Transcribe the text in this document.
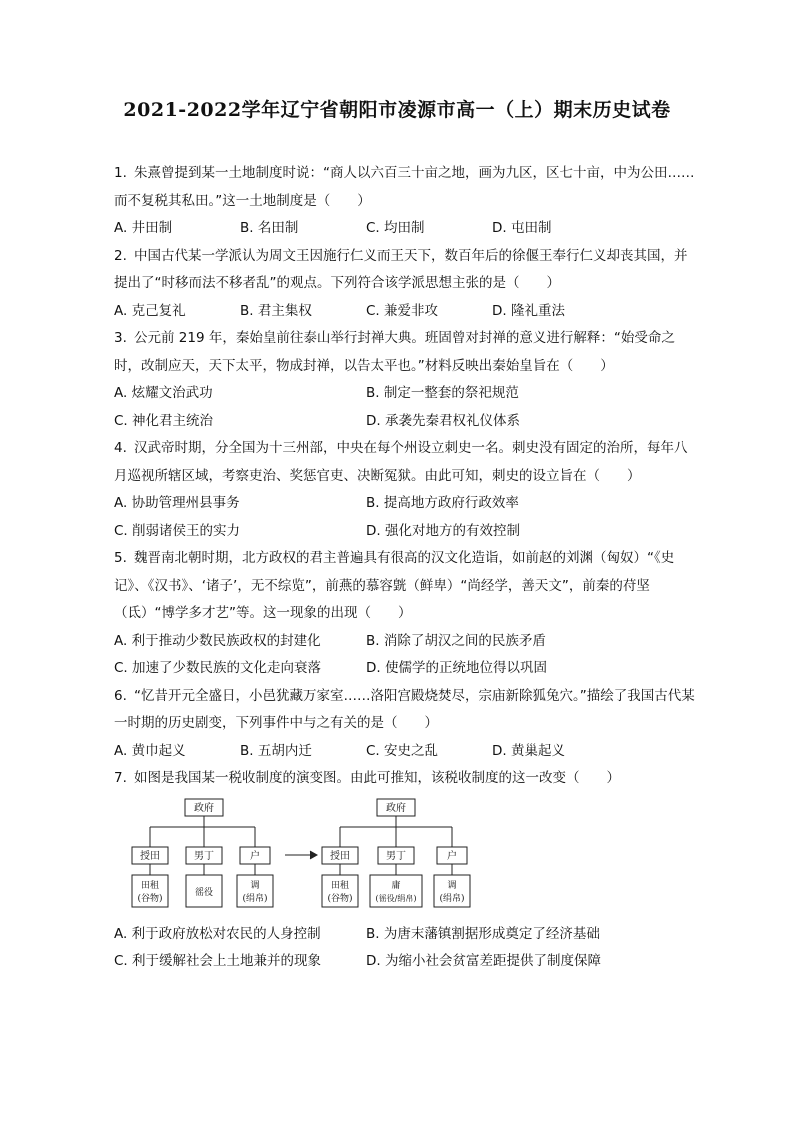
2021-2022学年辽宁省朝阳市凌源市高一（上）期末历史试卷
1. 朱熹曾提到某一土地制度时说：“商人以六百三十亩之地，画为九区，区七十亩，中为公田……而不复税其私田。”这一土地制度是（　　）
A. 井田制	B. 名田制	C. 均田制	D. 屯田制
2. 中国古代某一学派认为周文王因施行仁义而王天下，数百年后的徐偃王奉行仁义却丧其国，并提出了“时移而法不移者乱”的观点。下列符合该学派思想主张的是（　　）
A. 克己复礼	B. 君主集权	C. 兼爱非攻	D. 隆礼重法
3. 公元前 219 年，秦始皇前往泰山举行封禅大典。班固曾对封禅的意义进行解释：“始受命之时，改制应天，天下太平，物成封禅，以告太平也。”材料反映出秦始皇旨在（　　）
A. 炫耀文治武功	B. 制定一整套的祭祀规范
C. 神化君主统治	D. 承袭先秦君权礼仪体系
4. 汉武帝时期，分全国为十三州部，中央在每个州设立刺史一名。刺史没有固定的治所，每年八月巡视所辖区域，考察吏治、奖惩官吏、决断冤狱。由此可知，刺史的设立旨在（　　）
A. 协助管理州县事务	B. 提高地方政府行政效率
C. 削弱诸侯王的实力	D. 强化对地方的有效控制
5. 魏晋南北朝时期，北方政权的君主普遍具有很高的汉文化造诣，如前赵的刘渊（匈奴）“《史记》、《汉书》、‘诸子’，无不综览”，前燕的慕容皝（鲜卑）“尚经学，善天文”，前秦的苻坚（氐）“博学多才艺”等。这一现象的出现（　　）
A. 利于推动少数民族政权的封建化	B. 消除了胡汉之间的民族矛盾
C. 加速了少数民族的文化走向衰落	D. 使儒学的正统地位得以巩固
6. “忆昔开元全盛日，小邑犹藏万家室……洛阳宫殿烧焚尽，宗庙新除狐兔穴。”描绘了我国古代某一时期的历史剧变，下列事件中与之有关的是（　　）
A. 黄巾起义	B. 五胡内迁	C. 安史之乱	D. 黄巢起义
7. 如图是我国某一税收制度的演变图。由此可推知，该税收制度的这一改变（　　）
政府
授田	男丁	户
田租
(谷物)
徭役
调
(绢帛)
政府
授田	男丁	户
田租
(谷物)
庸
(徭役/绢帛)
调
(绢帛)
A. 利于政府放松对农民的人身控制	B. 为唐末藩镇割据形成奠定了经济基础
C. 利于缓解社会上土地兼并的现象	D. 为缩小社会贫富差距提供了制度保障
